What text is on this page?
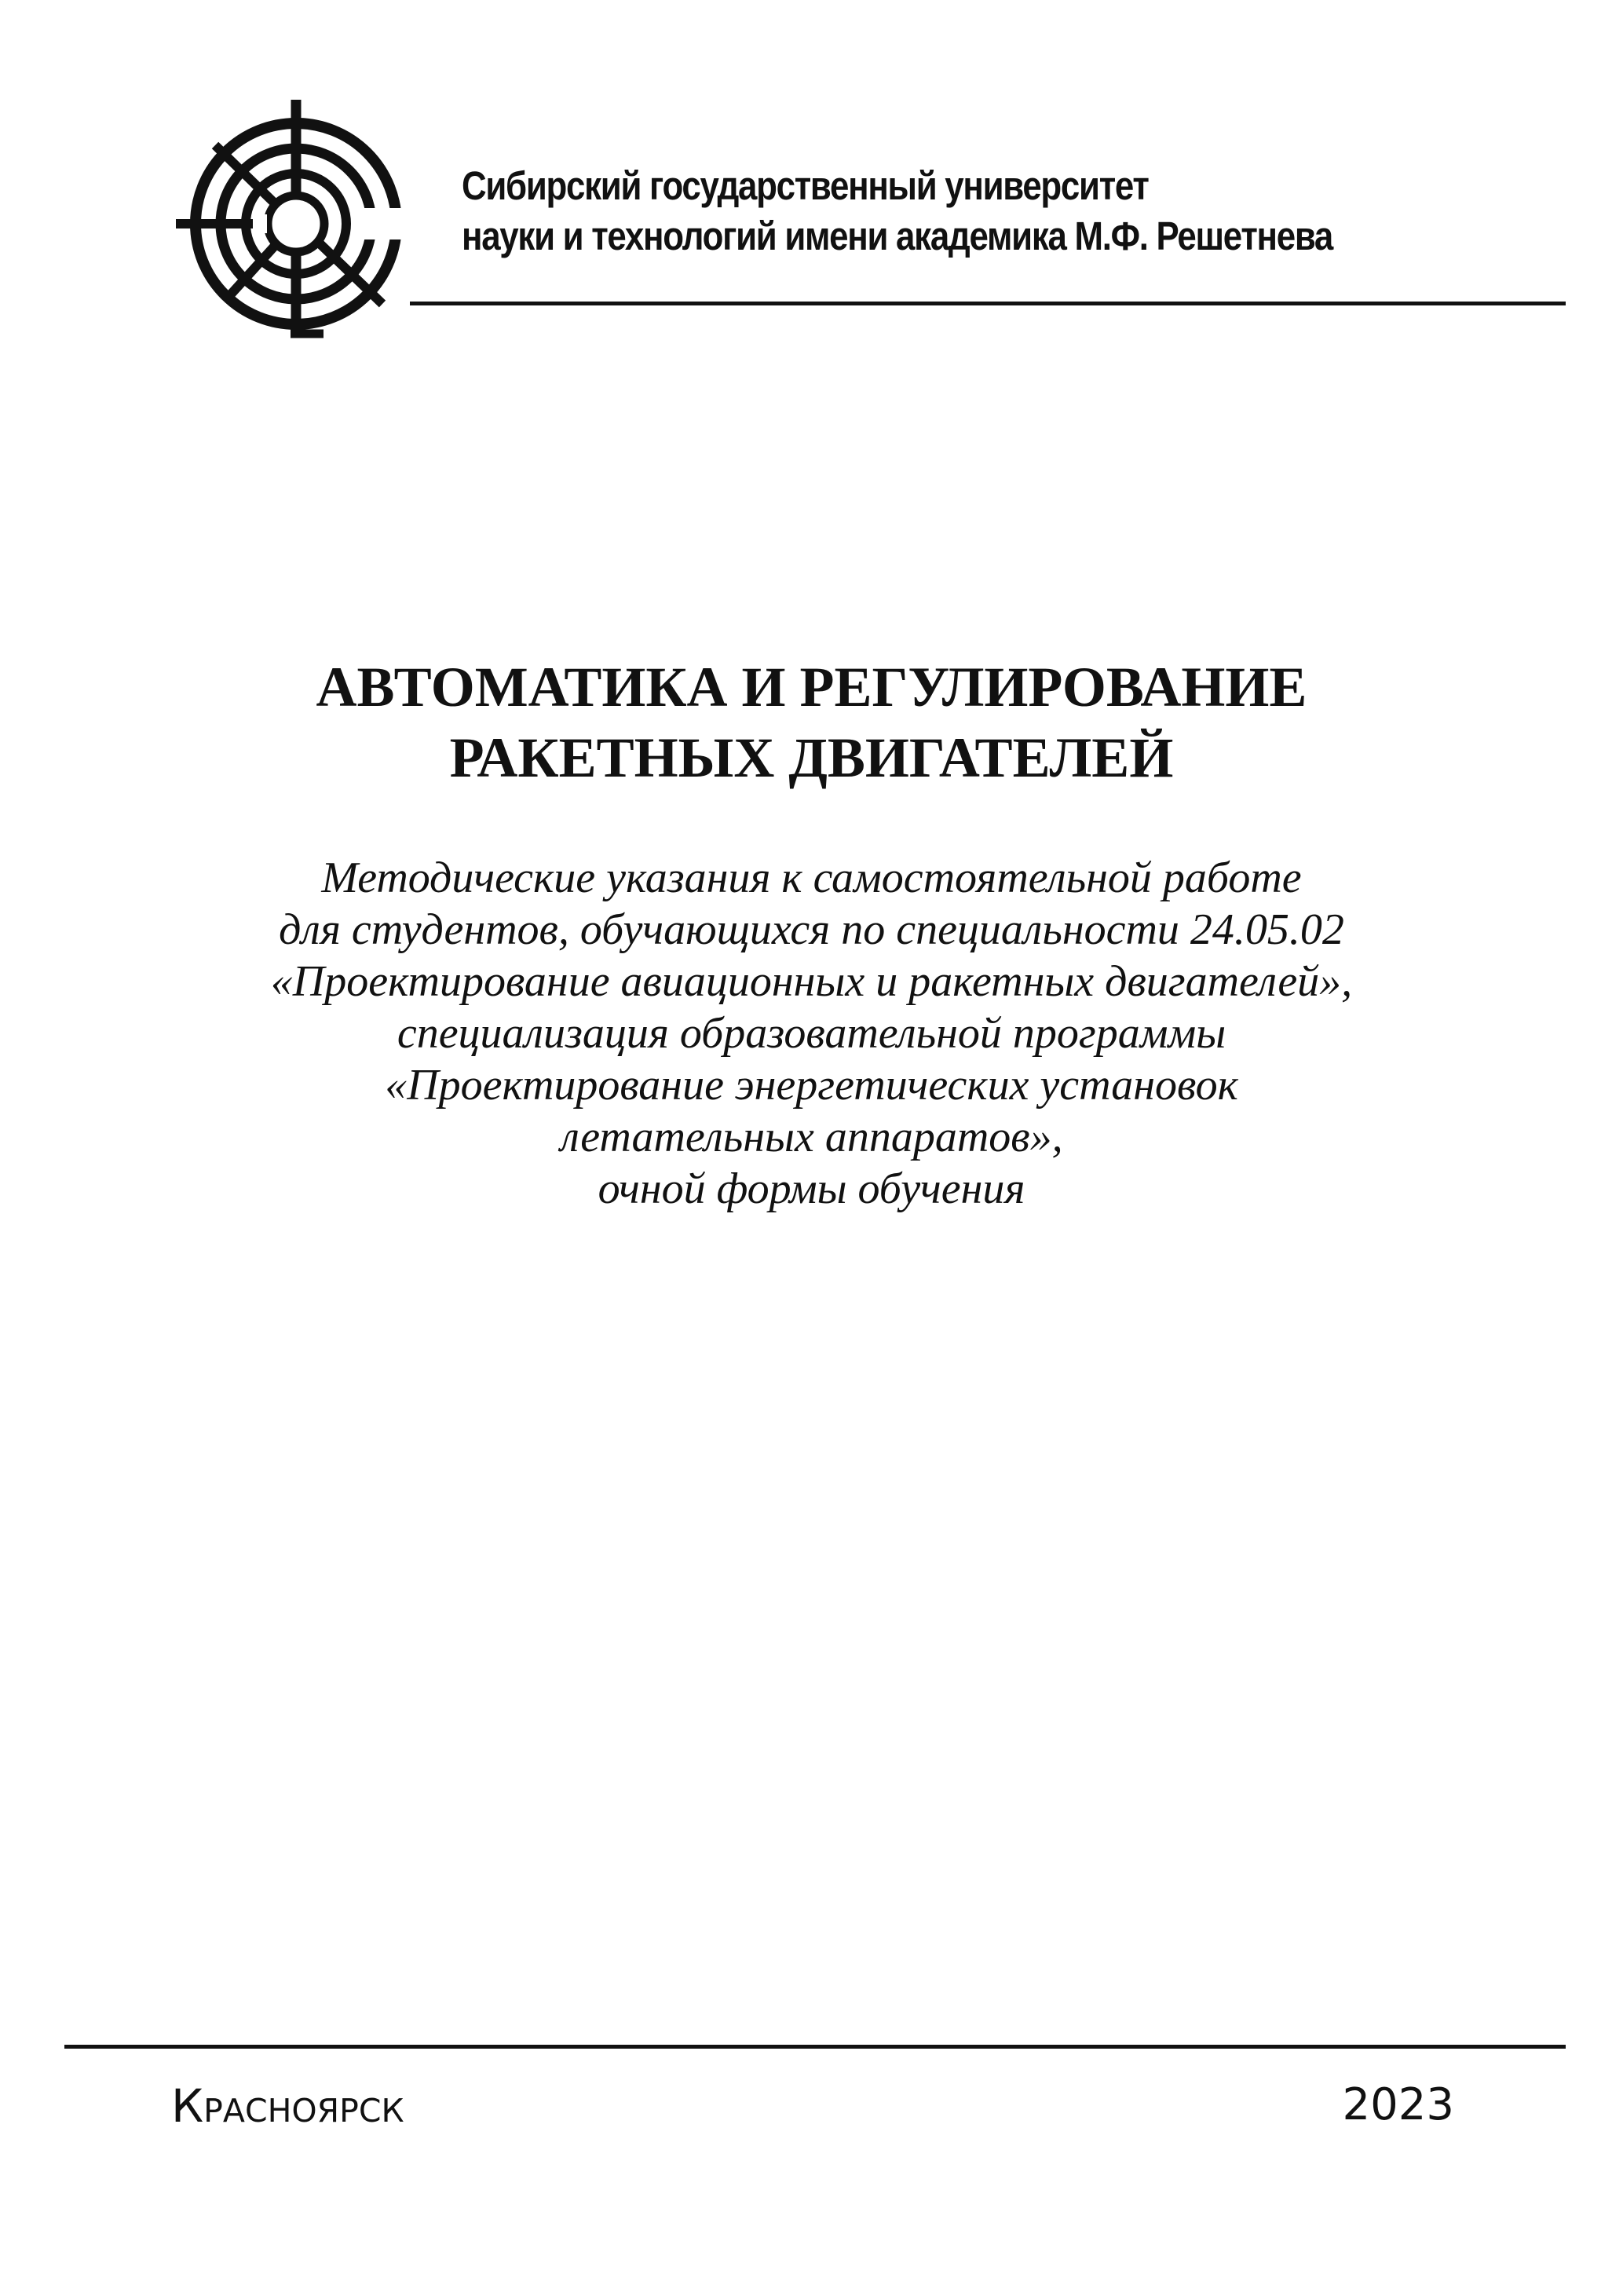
Сибирский государственный университет
науки и технологий имени академика М.Ф. Решетнева
АВТОМАТИКА И РЕГУЛИРОВАНИЕ
РАКЕТНЫХ ДВИГАТЕЛЕЙ
Методические указания к самостоятельной работе
для студентов, обучающихся по специальности 24.05.02
«Проектирование авиационных и ракетных двигателей»,
специализация образовательной программы
«Проектирование энергетических установок
летательных аппаратов»,
очной формы обучения
Красноярск	2023
